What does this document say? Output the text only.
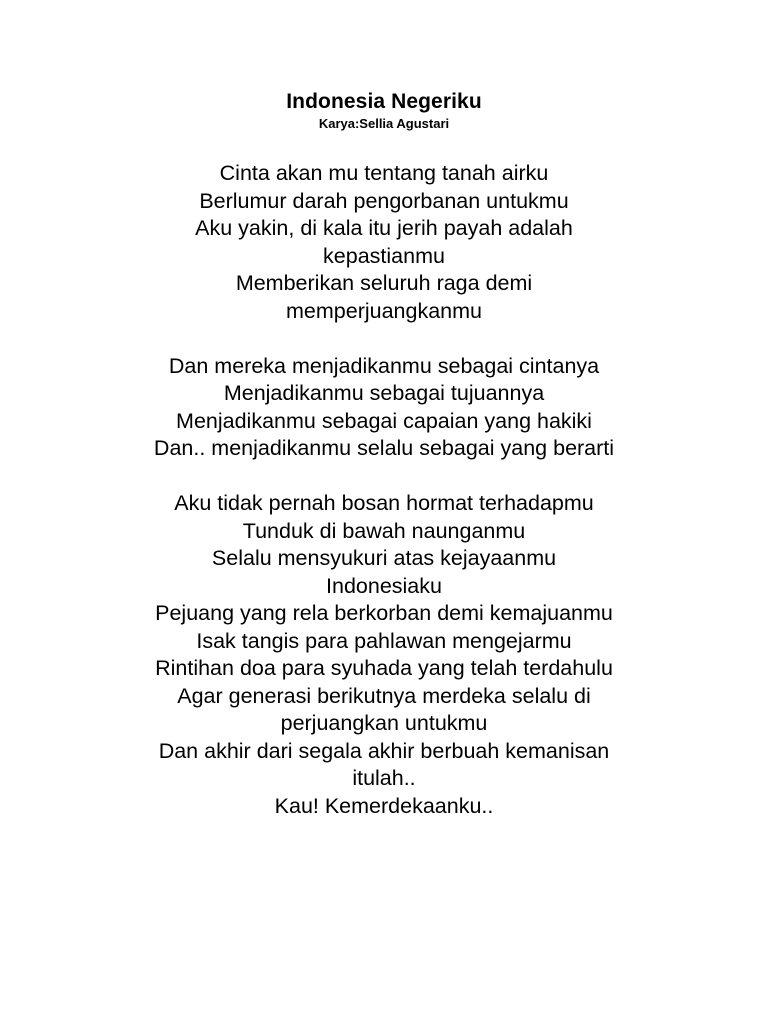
Indonesia Negeriku
Karya:Sellia Agustari
Cinta akan mu tentang tanah airku
Berlumur darah pengorbanan untukmu
Aku yakin, di kala itu jerih payah adalah
kepastianmu
Memberikan seluruh raga demi
memperjuangkanmu
Dan mereka menjadikanmu sebagai cintanya
Menjadikanmu sebagai tujuannya
Menjadikanmu sebagai capaian yang hakiki
Dan.. menjadikanmu selalu sebagai yang berarti
Aku tidak pernah bosan hormat terhadapmu
Tunduk di bawah naunganmu
Selalu mensyukuri atas kejayaanmu
Indonesiaku
Pejuang yang rela berkorban demi kemajuanmu
Isak tangis para pahlawan mengejarmu
Rintihan doa para syuhada yang telah terdahulu
Agar generasi berikutnya merdeka selalu di
perjuangkan untukmu
Dan akhir dari segala akhir berbuah kemanisan
itulah..
Kau! Kemerdekaanku..
